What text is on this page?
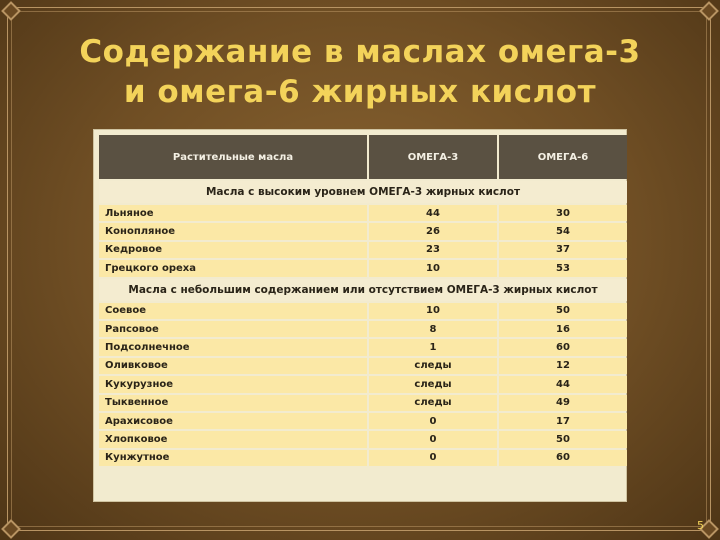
Содержание в маслах омега-3
и омега-6 жирных кислот
Растительные масла	ОМЕГА-3	ОМЕГА-6
Масла с высоким уровнем ОМЕГА-3 жирных кислот		
Льняное	44	30
Конопляное	26	54
Кедровое	23	37
Грецкого ореха	10	53
Масла с небольшим содержанием или отсутствием ОМЕГА-3 жирных кислот		
Соевое	10	50
Рапсовое	8	16
Подсолнечное	1	60
Оливковое	следы	12
Кукурузное	следы	44
Тыквенное	следы	49
Арахисовое	0	17
Хлопковое	0	50
Кунжутное	0	60
5
